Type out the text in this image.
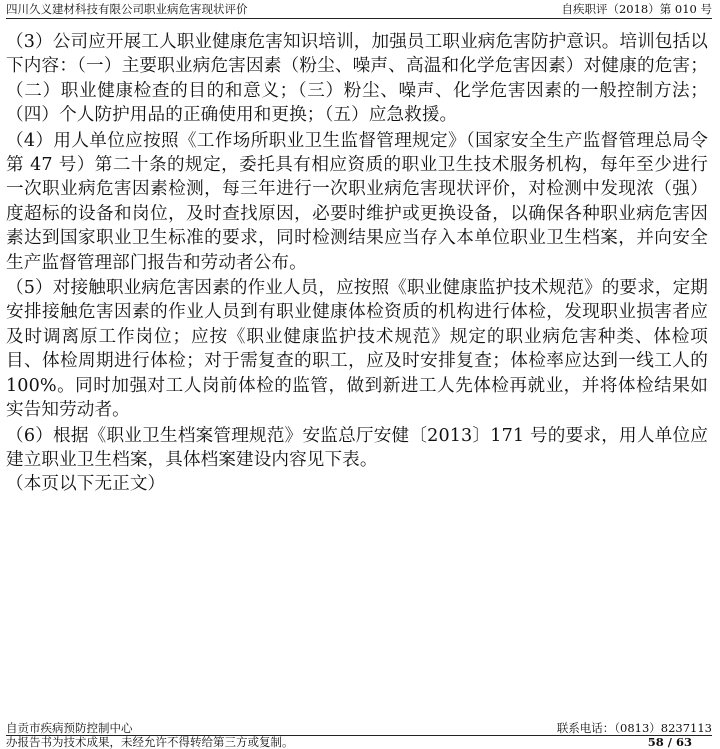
四川久义建材科技有限公司职业病危害现状评价	自疾职评（2018）第 010 号

（3）公司应开展工人职业健康危害知识培训，加强员工职业病危害防护意识。培训包括以下内容：（一）主要职业病危害因素（粉尘、噪声、高温和化学危害因素）对健康的危害；（二）职业健康检查的目的和意义；（三）粉尘、噪声、化学危害因素的一般控制方法；（四）个人防护用品的正确使用和更换；（五）应急救援。

（4）用人单位应按照《工作场所职业卫生监督管理规定》（国家安全生产监督管理总局令第 47 号）第二十条的规定，委托具有相应资质的职业卫生技术服务机构，每年至少进行一次职业病危害因素检测，每三年进行一次职业病危害现状评价，对检测中发现浓（强）度超标的设备和岗位，及时查找原因，必要时维护或更换设备，以确保各种职业病危害因素达到国家职业卫生标准的要求，同时检测结果应当存入本单位职业卫生档案，并向安全生产监督管理部门报告和劳动者公布。

（5）对接触职业病危害因素的作业人员，应按照《职业健康监护技术规范》的要求，定期安排接触危害因素的作业人员到有职业健康体检资质的机构进行体检，发现职业损害者应及时调离原工作岗位；应按《职业健康监护技术规范》规定的职业病危害种类、体检项目、体检周期进行体检；对于需复查的职工，应及时安排复查；体检率应达到一线工人的 100%。同时加强对工人岗前体检的监管，做到新进工人先体检再就业，并将体检结果如实告知劳动者。

（6）根据《职业卫生档案管理规范》安监总厅安健〔2013〕171 号的要求，用人单位应建立职业卫生档案，具体档案建设内容见下表。

（本页以下无正文）

自贡市疾病预防控制中心	联系电话：（0813）8237113
办报告书为技术成果，未经允许不得转给第三方或复制。	58 / 63
